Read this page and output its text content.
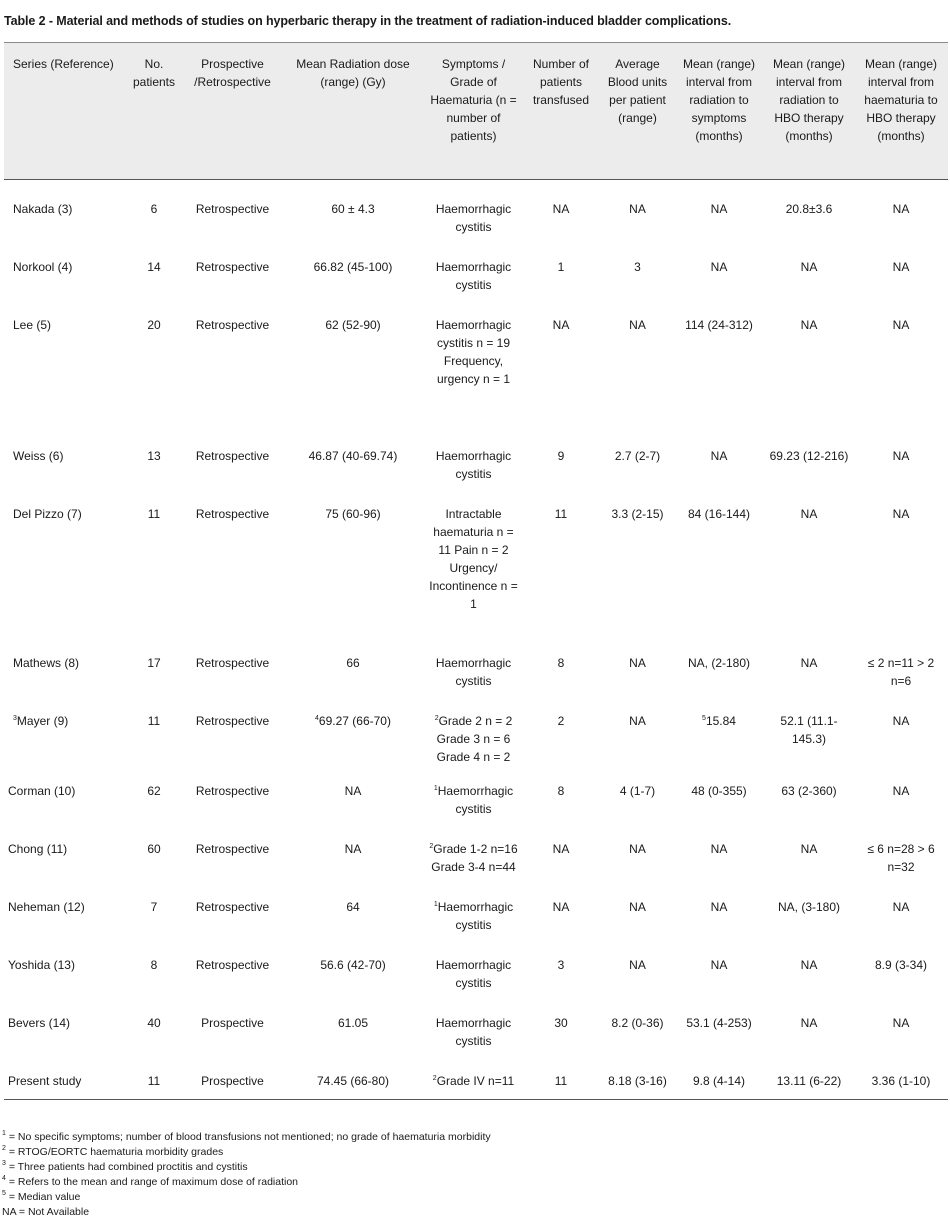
Table 2 - Material and methods of studies on hyperbaric therapy in the treatment of radiation-induced bladder complications.
Series (Reference)	No. patients	Prospective /Retrospective	Mean Radiation dose (range) (Gy)	Symptoms / Grade of Haematuria (n = number of patients)	Number of patients transfused	Average Blood units per patient (range)	Mean (range) interval from radiation to symptoms (months)	Mean (range) interval from radiation to HBO therapy (months)	Mean (range) interval from haematuria to HBO therapy (months)
Nakada (3)	6	Retrospective	60 ± 4.3	Haemorrhagic cystitis	NA	NA	NA	20.8±3.6	NA
Norkool (4)	14	Retrospective	66.82 (45-100)	Haemorrhagic cystitis	1	3	NA	NA	NA
Lee (5)	20	Retrospective	62 (52-90)	Haemorrhagic cystitis n = 19 Frequency, urgency n = 1	NA	NA	114 (24-312)	NA	NA
Weiss (6)	13	Retrospective	46.87 (40-69.74)	Haemorrhagic cystitis	9	2.7 (2-7)	NA	69.23 (12-216)	NA
Del Pizzo (7)	11	Retrospective	75 (60-96)	Intractable haematuria n = 11 Pain n = 2 Urgency/ Incontinence n = 1	11	3.3 (2-15)	84 (16-144)	NA	NA
Mathews (8)	17	Retrospective	66	Haemorrhagic cystitis	8	NA	NA, (2-180)	NA	≤ 2 n=11 > 2 n=6
$^3$Mayer (9)	11	Retrospective	$^4$69.27 (66-70)	$^2$Grade 2 n = 2 Grade 3 n = 6 Grade 4 n = 2	2	NA	$^5$15.84	52.1 (11.1-145.3)	NA
Corman (10)	62	Retrospective	NA	$^1$Haemorrhagic cystitis	8	4 (1-7)	48 (0-355)	63 (2-360)	NA
Chong (11)	60	Retrospective	NA	$^2$Grade 1-2 n=16 Grade 3-4 n=44	NA	NA	NA	NA	≤ 6 n=28 > 6 n=32
Neheman (12)	7	Retrospective	64	$^1$Haemorrhagic cystitis	NA	NA	NA	NA, (3-180)	NA
Yoshida (13)	8	Retrospective	56.6 (42-70)	Haemorrhagic cystitis	3	NA	NA	NA	8.9 (3-34)
Bevers (14)	40	Prospective	61.05	Haemorrhagic cystitis	30	8.2 (0-36)	53.1 (4-253)	NA	NA
Present study	11	Prospective	74.45 (66-80)	$^2$Grade IV n=11	11	8.18 (3-16)	9.8 (4-14)	13.11 (6-22)	3.36 (1-10)
$^1$ = No specific symptoms; number of blood transfusions not mentioned; no grade of haematuria morbidity
$^2$ = RTOG/EORTC haematuria morbidity grades
$^3$ = Three patients had combined proctitis and cystitis
$^4$ = Refers to the mean and range of maximum dose of radiation
$^5$ = Median value
NA = Not Available
